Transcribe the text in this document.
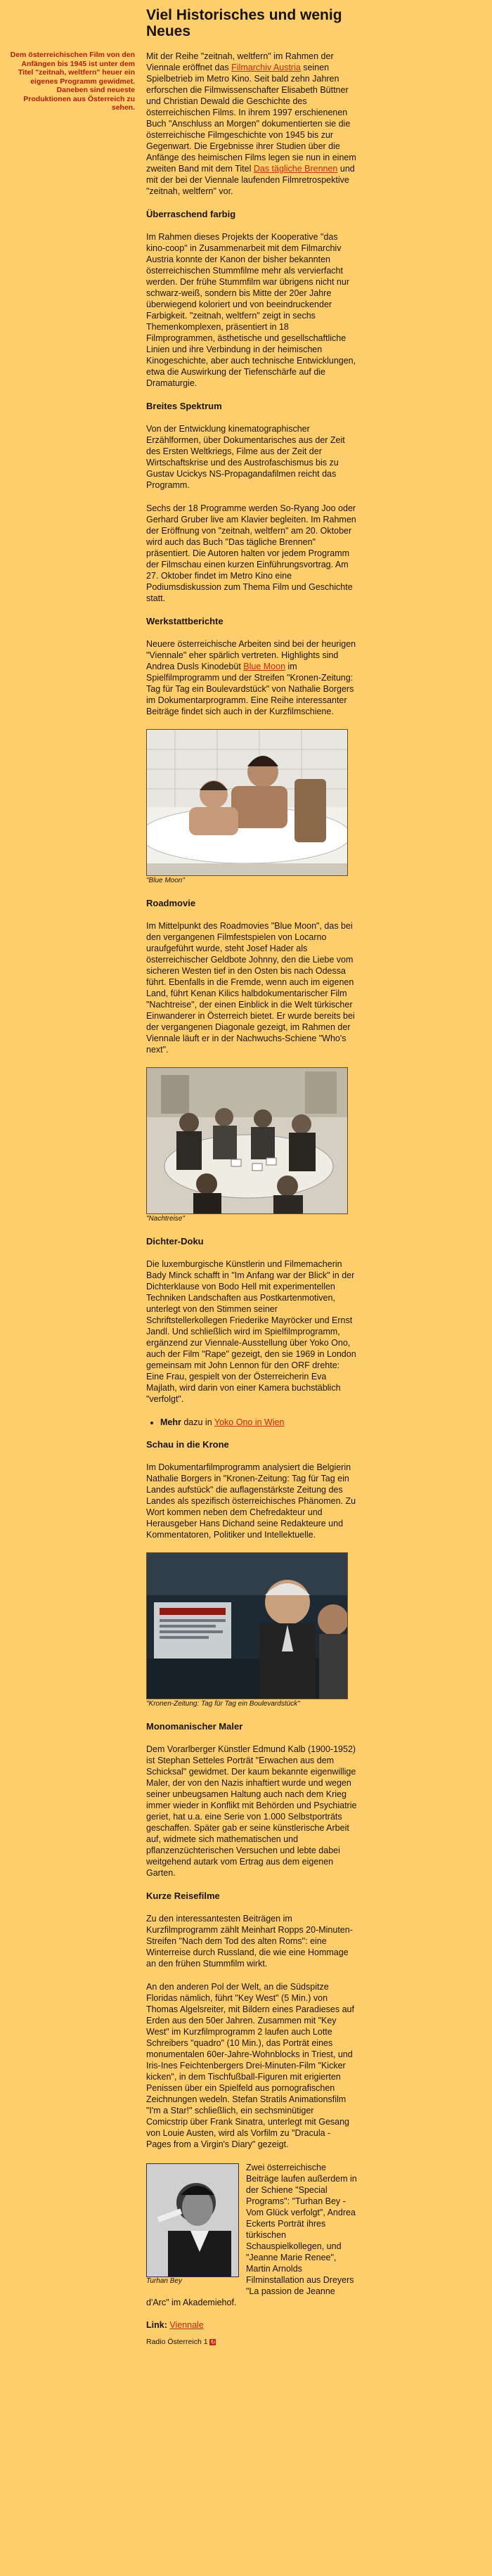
Viel Historisches und wenig Neues

Dem österreichischen Film von den Anfängen bis 1945 ist unter dem Titel "zeitnah, weltfern" heuer ein eigenes Programm gewidmet. Daneben sind neueste Produktionen aus Österreich zu sehen.

Mit der Reihe "zeitnah, weltfern" im Rahmen der Viennale eröffnet das Filmarchiv Austria seinen Spielbetrieb im Metro Kino. Seit bald zehn Jahren erforschen die Filmwissenschafter Elisabeth Büttner und Christian Dewald die Geschichte des österreichischen Films. In ihrem 1997 erschienenen Buch "Anschluss an Morgen" dokumentierten sie die österreichische Filmgeschichte von 1945 bis zur Gegenwart. Die Ergebnisse ihrer Studien über die Anfänge des heimischen Films legen sie nun in einem zweiten Band mit dem Titel Das tägliche Brennen und mit der bei der Viennale laufenden Filmretrospektive "zeitnah, weltfern" vor.

Überraschend farbig

Im Rahmen dieses Projekts der Kooperative "das kino-coop" in Zusammenarbeit mit dem Filmarchiv Austria konnte der Kanon der bisher bekannten österreichischen Stummfilme mehr als vervierfacht werden. Der frühe Stummfilm war übrigens nicht nur schwarz-weiß, sondern bis Mitte der 20er Jahre überwiegend koloriert und von beeindruckender Farbigkeit. "zeitnah, weltfern" zeigt in sechs Themenkomplexen, präsentiert in 18 Filmprogrammen, ästhetische und gesellschaftliche Linien und ihre Verbindung in der heimischen Kinogeschichte, aber auch technische Entwicklungen, etwa die Auswirkung der Tiefenschärfe auf die Dramaturgie.

Breites Spektrum

Von der Entwicklung kinematographischer Erzählformen, über Dokumentarisches aus der Zeit des Ersten Weltkriegs, Filme aus der Zeit der Wirtschaftskrise und des Austrofaschismus bis zu Gustav Ucickys NS-Propagandafilmen reicht das Programm.

Sechs der 18 Programme werden So-Ryang Joo oder Gerhard Gruber live am Klavier begleiten. Im Rahmen der Eröffnung von "zeitnah, weltfern" am 20. Oktober wird auch das Buch "Das tägliche Brennen" präsentiert. Die Autoren halten vor jedem Programm der Filmschau einen kurzen Einführungsvortrag. Am 27. Oktober findet im Metro Kino eine Podiumsdiskussion zum Thema Film und Geschichte statt.

Werkstattberichte

Neuere österreichische Arbeiten sind bei der heurigen "Viennale" eher spärlich vertreten. Highlights sind Andrea Dusls Kinodebüt Blue Moon im Spielfilmprogramm und der Streifen "Kronen-Zeitung: Tag für Tag ein Boulevardstück" von Nathalie Borgers im Dokumentarprogramm. Eine Reihe interessanter Beiträge findet sich auch in der Kurzfilmschiene.

"Blue Moon"
Roadmovie

Im Mittelpunkt des Roadmovies "Blue Moon", das bei den vergangenen Filmfestspielen von Locarno uraufgeführt wurde, steht Josef Hader als österreichischer Geldbote Johnny, den die Liebe vom sicheren Westen tief in den Osten bis nach Odessa führt. Ebenfalls in die Fremde, wenn auch im eigenen Land, führt Kenan Kilics halbdokumentarischer Film "Nachtreise", der einen Einblick in die Welt türkischer Einwanderer in Österreich bietet. Er wurde bereits bei der vergangenen Diagonale gezeigt, im Rahmen der Viennale läuft er in der Nachwuchs-Schiene "Who's next".

"Nachtreise"
Dichter-Doku

Die luxemburgische Künstlerin und Filmemacherin Bady Minck schafft in "Im Anfang war der Blick" in der Dichterklause von Bodo Hell mit experimentellen Techniken Landschaften aus Postkartenmotiven, unterlegt von den Stimmen seiner Schriftstellerkollegen Friederike Mayröcker und Ernst Jandl. Und schließlich wird im Spielfilmprogramm, ergänzend zur Viennale-Ausstellung über Yoko Ono, auch der Film "Rape" gezeigt, den sie 1969 in London gemeinsam mit John Lennon für den ORF drehte: Eine Frau, gespielt von der Österreicherin Eva Majlath, wird darin von einer Kamera buchstäblich "verfolgt".

• Mehr dazu in Yoko Ono in Wien
Schau in die Krone

Im Dokumentarfilmprogramm analysiert die Belgierin Nathalie Borgers in "Kronen-Zeitung: Tag für Tag ein Landes aufstück" die auflagenstärkste Zeitung des Landes als spezifisch österreichisches Phänomen. Zu Wort kommen neben dem Chefredakteur und Herausgeber Hans Dichand seine Redakteure und Kommentatoren, Politiker und Intellektuelle.

"Kronen-Zeitung: Tag für Tag ein Boulevardstück"
Monomanischer Maler

Dem Vorarlberger Künstler Edmund Kalb (1900-1952) ist Stephan Setteles Porträt "Erwachen aus dem Schicksal" gewidmet. Der kaum bekannte eigenwillige Maler, der von den Nazis inhaftiert wurde und wegen seiner unbeugsamen Haltung auch nach dem Krieg immer wieder in Konflikt mit Behörden und Psychiatrie geriet, hat u.a. eine Serie von 1.000 Selbstporträts geschaffen. Später gab er seine künstlerische Arbeit auf, widmete sich mathematischen und pflanzenzüchterischen Versuchen und lebte dabei weitgehend autark vom Ertrag aus dem eigenen Garten.

Kurze Reisefilme

Zu den interessantesten Beiträgen im Kurzfilmprogramm zählt Meinhart Ropps 20-Minuten-Streifen "Nach dem Tod des alten Roms": eine Winterreise durch Russland, die wie eine Hommage an den frühen Stummfilm wirkt.

An den anderen Pol der Welt, an die Südspitze Floridas nämlich, führt "Key West" (5 Min.) von Thomas Algelsreiter, mit Bildern eines Paradieses auf Erden aus den 50er Jahren. Zusammen mit "Key West" im Kurzfilmprogramm 2 laufen auch Lotte Schreibers "quadro" (10 Min.), das Porträt eines monumentalen 60er-Jahre-Wohnblocks in Triest, und Iris-Ines Feichtenbergers Drei-Minuten-Film "Kicker kicken", in dem Tischfußball-Figuren mit erigierten Penissen über ein Spielfeld aus pornografischen Zeichnungen wedeln. Stefan Stratils Animationsfilm "I'm a Star!" schließlich, ein sechsminütiger Comicstrip über Frank Sinatra, unterlegt mit Gesang von Louie Austen, wird als Vorfilm zu "Dracula - Pages from a Virgin's Diary" gezeigt.

Turhan Bey

Zwei österreichische Beiträge laufen außerdem in der Schiene "Special Programs": "Turhan Bey - Vom Glück verfolgt", Andrea Eckerts Porträt ihres türkischen Schauspielkollegen, und "Jeanne Marie Renee", Martin Arnolds Filminstallation aus Dreyers "La passion de Jeanne d'Arc" im Akademiehof.

Link: Viennale

Radio Österreich 1 ↻
